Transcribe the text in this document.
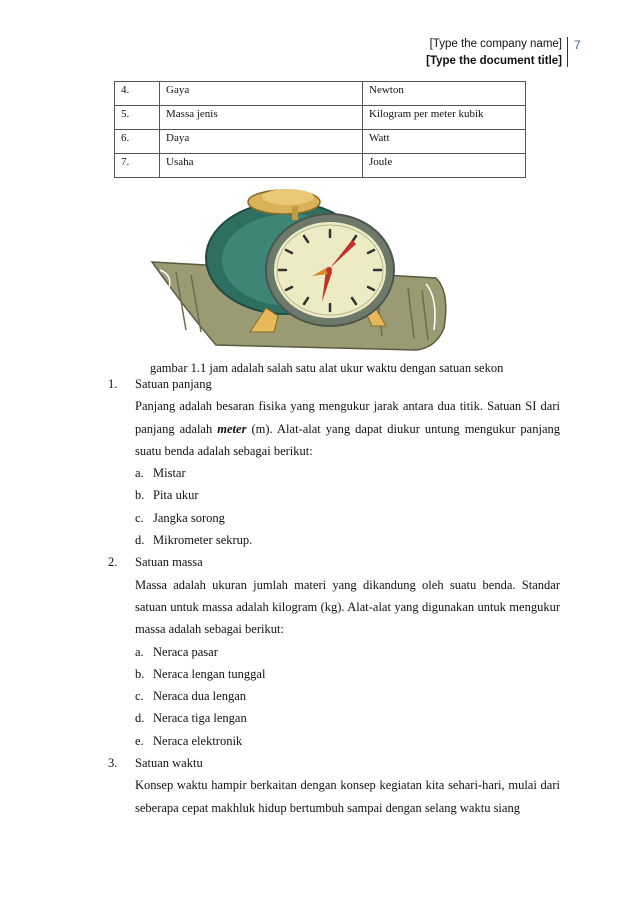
[Type the company name]
[Type the document title]
7
4.	Gaya	Newton
5.	Massa jenis	Kilogram per meter kubik
6.	Daya	Watt
7.	Usaha	Joule
gambar 1.1 jam adalah salah satu alat ukur waktu dengan satuan sekon
1.	Satuan panjang
Panjang adalah besaran fisika yang mengukur jarak antara dua titik. Satuan SI dari panjang adalah meter (m). Alat-alat yang dapat diukur untung mengukur panjang suatu benda adalah sebagai berikut:
a. Mistar
b. Pita ukur
c. Jangka sorong
d. Mikrometer sekrup.
2.	Satuan massa
Massa adalah ukuran jumlah materi yang dikandung oleh suatu benda. Standar satuan untuk massa adalah kilogram (kg). Alat-alat yang digunakan untuk mengukur massa adalah sebagai berikut:
a. Neraca pasar
b. Neraca lengan tunggal
c. Neraca dua lengan
d. Neraca tiga lengan
e. Neraca elektronik
3.	Satuan waktu
Konsep waktu hampir berkaitan dengan konsep kegiatan kita sehari-hari, mulai dari seberapa cepat makhluk hidup bertumbuh sampai dengan selang waktu siang
